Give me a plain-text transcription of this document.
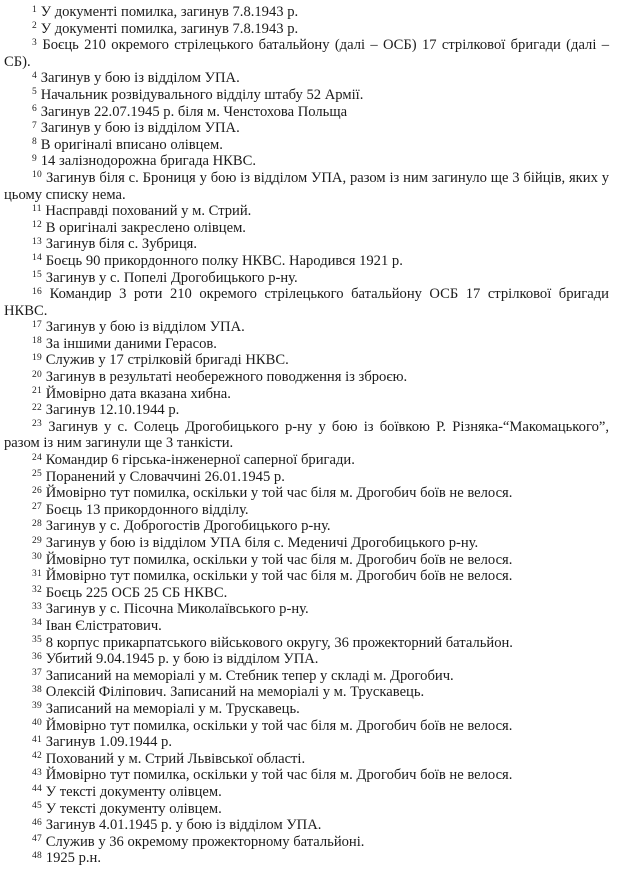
$^1$ У документі помилка, загинув 7.8.1943 р.

$^2$ У документі помилка, загинув 7.8.1943 р.

$^3$ Боєць 210 окремого стрілецького батальйону (далі – ОСБ) 17 стрілкової бригади (далі – СБ).

$^4$ Загинув у бою із відділом УПА.

$^5$ Начальник розвідувального відділу штабу 52 Армії.

$^6$ Загинув 22.07.1945 р. біля м. Ченстохова Польща

$^7$ Загинув у бою із відділом УПА.

$^8$ В оригіналі вписано олівцем.

$^9$ 14 залізнодорожна бригада НКВС.

$^{10}$ Загинув біля с. Брониця у бою із відділом УПА, разом із ним загинуло ще 3 бійців, яких у цьому списку нема.

$^{11}$ Насправді похований у м. Стрий.

$^{12}$ В оригіналі закреслено олівцем.

$^{13}$ Загинув біля с. Зубриця.

$^{14}$ Боєць 90 прикордонного полку НКВС. Народився 1921 р.

$^{15}$ Загинув у с. Попелі Дрогобицького р-ну.

$^{16}$ Командир 3 роти 210 окремого стрілецького батальйону ОСБ 17 стрілкової бригади НКВС.

$^{17}$ Загинув у бою із відділом УПА.

$^{18}$ За іншими даними Герасов.

$^{19}$ Служив у 17 стрілковій бригаді НКВС.

$^{20}$ Загинув в результаті необережного поводження із зброєю.

$^{21}$ Ймовірно дата вказана хибна.

$^{22}$ Загинув 12.10.1944 р.

$^{23}$ Загинув у с. Солець Дрогобицького р-ну у бою із боївкою Р. Різняка-“Макомацького”, разом із ним загинули ще 3 танкісти.

$^{24}$ Командир 6 гірська-інженерної саперної бригади.

$^{25}$ Поранений у Словаччині 26.01.1945 р.

$^{26}$ Ймовірно тут помилка, оскільки у той час біля м. Дрогобич боїв не велося.

$^{27}$ Боєць 13 прикордонного відділу.

$^{28}$ Загинув у с. Доброгостів Дрогобицького р-ну.

$^{29}$ Загинув у бою із відділом УПА біля с. Меденичі Дрогобицького р-ну.

$^{30}$ Ймовірно тут помилка, оскільки у той час біля м. Дрогобич боїв не велося.

$^{31}$ Ймовірно тут помилка, оскільки у той час біля м. Дрогобич боїв не велося.

$^{32}$ Боєць 225 ОСБ 25 СБ НКВС.

$^{33}$ Загинув у с. Пісочна Миколаївського р-ну.

$^{34}$ Іван Єлістратович.

$^{35}$ 8 корпус прикарпатського військового округу, 36 прожекторний батальйон.

$^{36}$ Убитий 9.04.1945 р. у бою із відділом УПА.

$^{37}$ Записаний на меморіалі у м. Стебник тепер у складі м. Дрогобич.

$^{38}$ Олексій Філіпович. Записаний на меморіалі у м. Трускавець.

$^{39}$ Записаний на меморіалі у м. Трускавець.

$^{40}$ Ймовірно тут помилка, оскільки у той час біля м. Дрогобич боїв не велося.

$^{41}$ Загинув 1.09.1944 р.

$^{42}$ Похований у м. Стрий Львівської області.

$^{43}$ Ймовірно тут помилка, оскільки у той час біля м. Дрогобич боїв не велося.

$^{44}$ У тексті документу олівцем.

$^{45}$ У тексті документу олівцем.

$^{46}$ Загинув 4.01.1945 р. у бою із відділом УПА.

$^{47}$ Служив у 36 окремому прожекторному батальйоні.

$^{48}$ 1925 р.н.
